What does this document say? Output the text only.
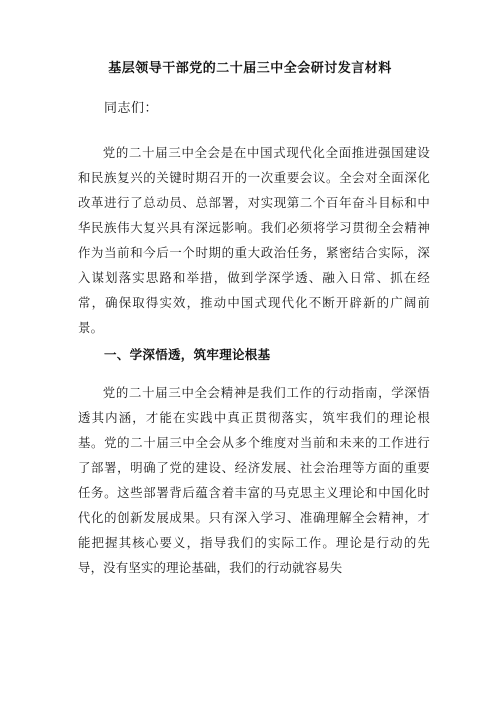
基层领导干部党的二十届三中全会研讨发言材料
同志们：
党的二十届三中全会是在中国式现代化全面推进强国建设和民族复兴的关键时期召开的一次重要会议。全会对全面深化改革进行了总动员、总部署，对实现第二个百年奋斗目标和中华民族伟大复兴具有深远影响。我们必须将学习贯彻全会精神作为当前和今后一个时期的重大政治任务，紧密结合实际，深入谋划落实思路和举措，做到学深学透、融入日常、抓在经常，确保取得实效，推动中国式现代化不断开辟新的广阔前景。
一、学深悟透，筑牢理论根基
党的二十届三中全会精神是我们工作的行动指南，学深悟透其内涵，才能在实践中真正贯彻落实，筑牢我们的理论根基。党的二十届三中全会从多个维度对当前和未来的工作进行了部署，明确了党的建设、经济发展、社会治理等方面的重要任务。这些部署背后蕴含着丰富的马克思主义理论和中国化时代化的创新发展成果。只有深入学习、准确理解全会精神，才能把握其核心要义，指导我们的实际工作。理论是行动的先导，没有坚实的理论基础，我们的行动就容易失
